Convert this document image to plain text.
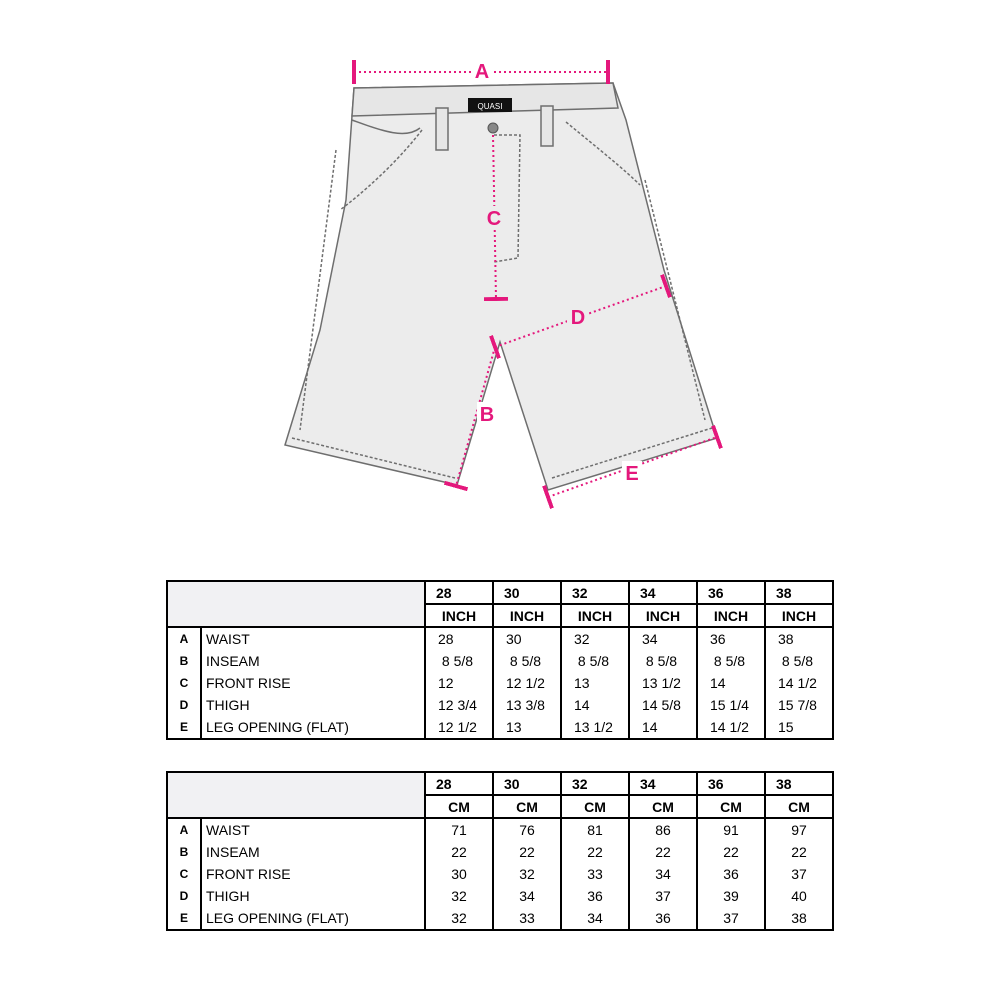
QUASI
A
C
D
B
E
		28	30	32	34	36	38
		INCH	INCH	INCH	INCH	INCH	INCH
A	WAIST	28	30	32	34	36	38
B	INSEAM	8 5/8	8 5/8	8 5/8	8 5/8	8 5/8	8 5/8
C	FRONT RISE	12	12 1/2	13	13 1/2	14	14 1/2
D	THIGH	12 3/4	13 3/8	14	14 5/8	15 1/4	15 7/8
E	LEG OPENING (FLAT)	12 1/2	13	13 1/2	14	14 1/2	15
		28	30	32	34	36	38
		CM	CM	CM	CM	CM	CM
A	WAIST	71	76	81	86	91	97
B	INSEAM	22	22	22	22	22	22
C	FRONT RISE	30	32	33	34	36	37
D	THIGH	32	34	36	37	39	40
E	LEG OPENING (FLAT)	32	33	34	36	37	38
